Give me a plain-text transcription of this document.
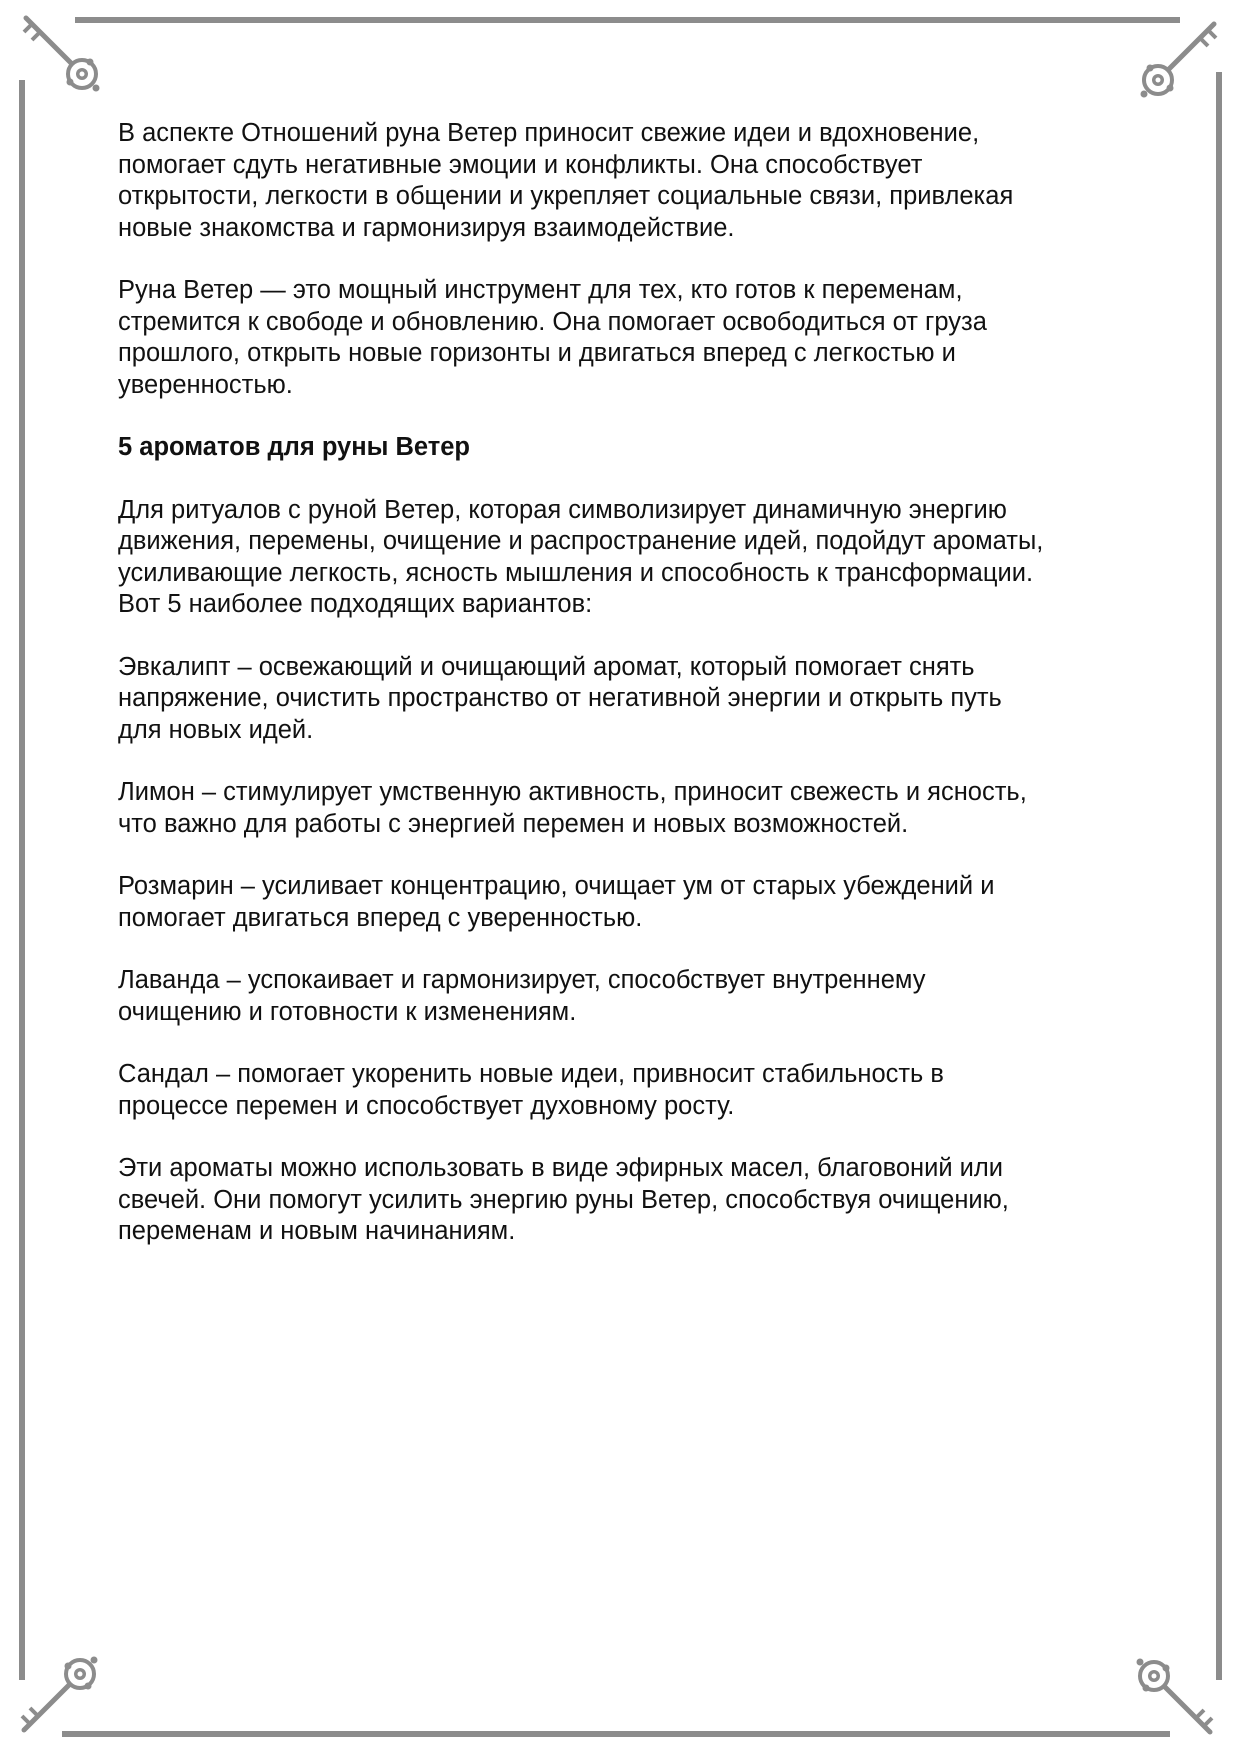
В аспекте Отношений руна Ветер приносит свежие идеи и вдохновение,
помогает сдуть негативные эмоции и конфликты. Она способствует
открытости, легкости в общении и укрепляет социальные связи, привлекая
новые знакомства и гармонизируя взаимодействие.

Руна Ветер — это мощный инструмент для тех, кто готов к переменам,
стремится к свободе и обновлению. Она помогает освободиться от груза
прошлого, открыть новые горизонты и двигаться вперед с легкостью и
уверенностью.

5 ароматов для руны Ветер

Для ритуалов с руной Ветер, которая символизирует динамичную энергию
движения, перемены, очищение и распространение идей, подойдут ароматы,
усиливающие легкость, ясность мышления и способность к трансформации.
Вот 5 наиболее подходящих вариантов:

Эвкалипт – освежающий и очищающий аромат, который помогает снять
напряжение, очистить пространство от негативной энергии и открыть путь
для новых идей.

Лимон – стимулирует умственную активность, приносит свежесть и ясность,
что важно для работы с энергией перемен и новых возможностей.

Розмарин – усиливает концентрацию, очищает ум от старых убеждений и
помогает двигаться вперед с уверенностью.

Лаванда – успокаивает и гармонизирует, способствует внутреннему
очищению и готовности к изменениям.

Сандал – помогает укоренить новые идеи, привносит стабильность в
процессе перемен и способствует духовному росту.

Эти ароматы можно использовать в виде эфирных масел, благовоний или
свечей. Они помогут усилить энергию руны Ветер, способствуя очищению,
переменам и новым начинаниям.
